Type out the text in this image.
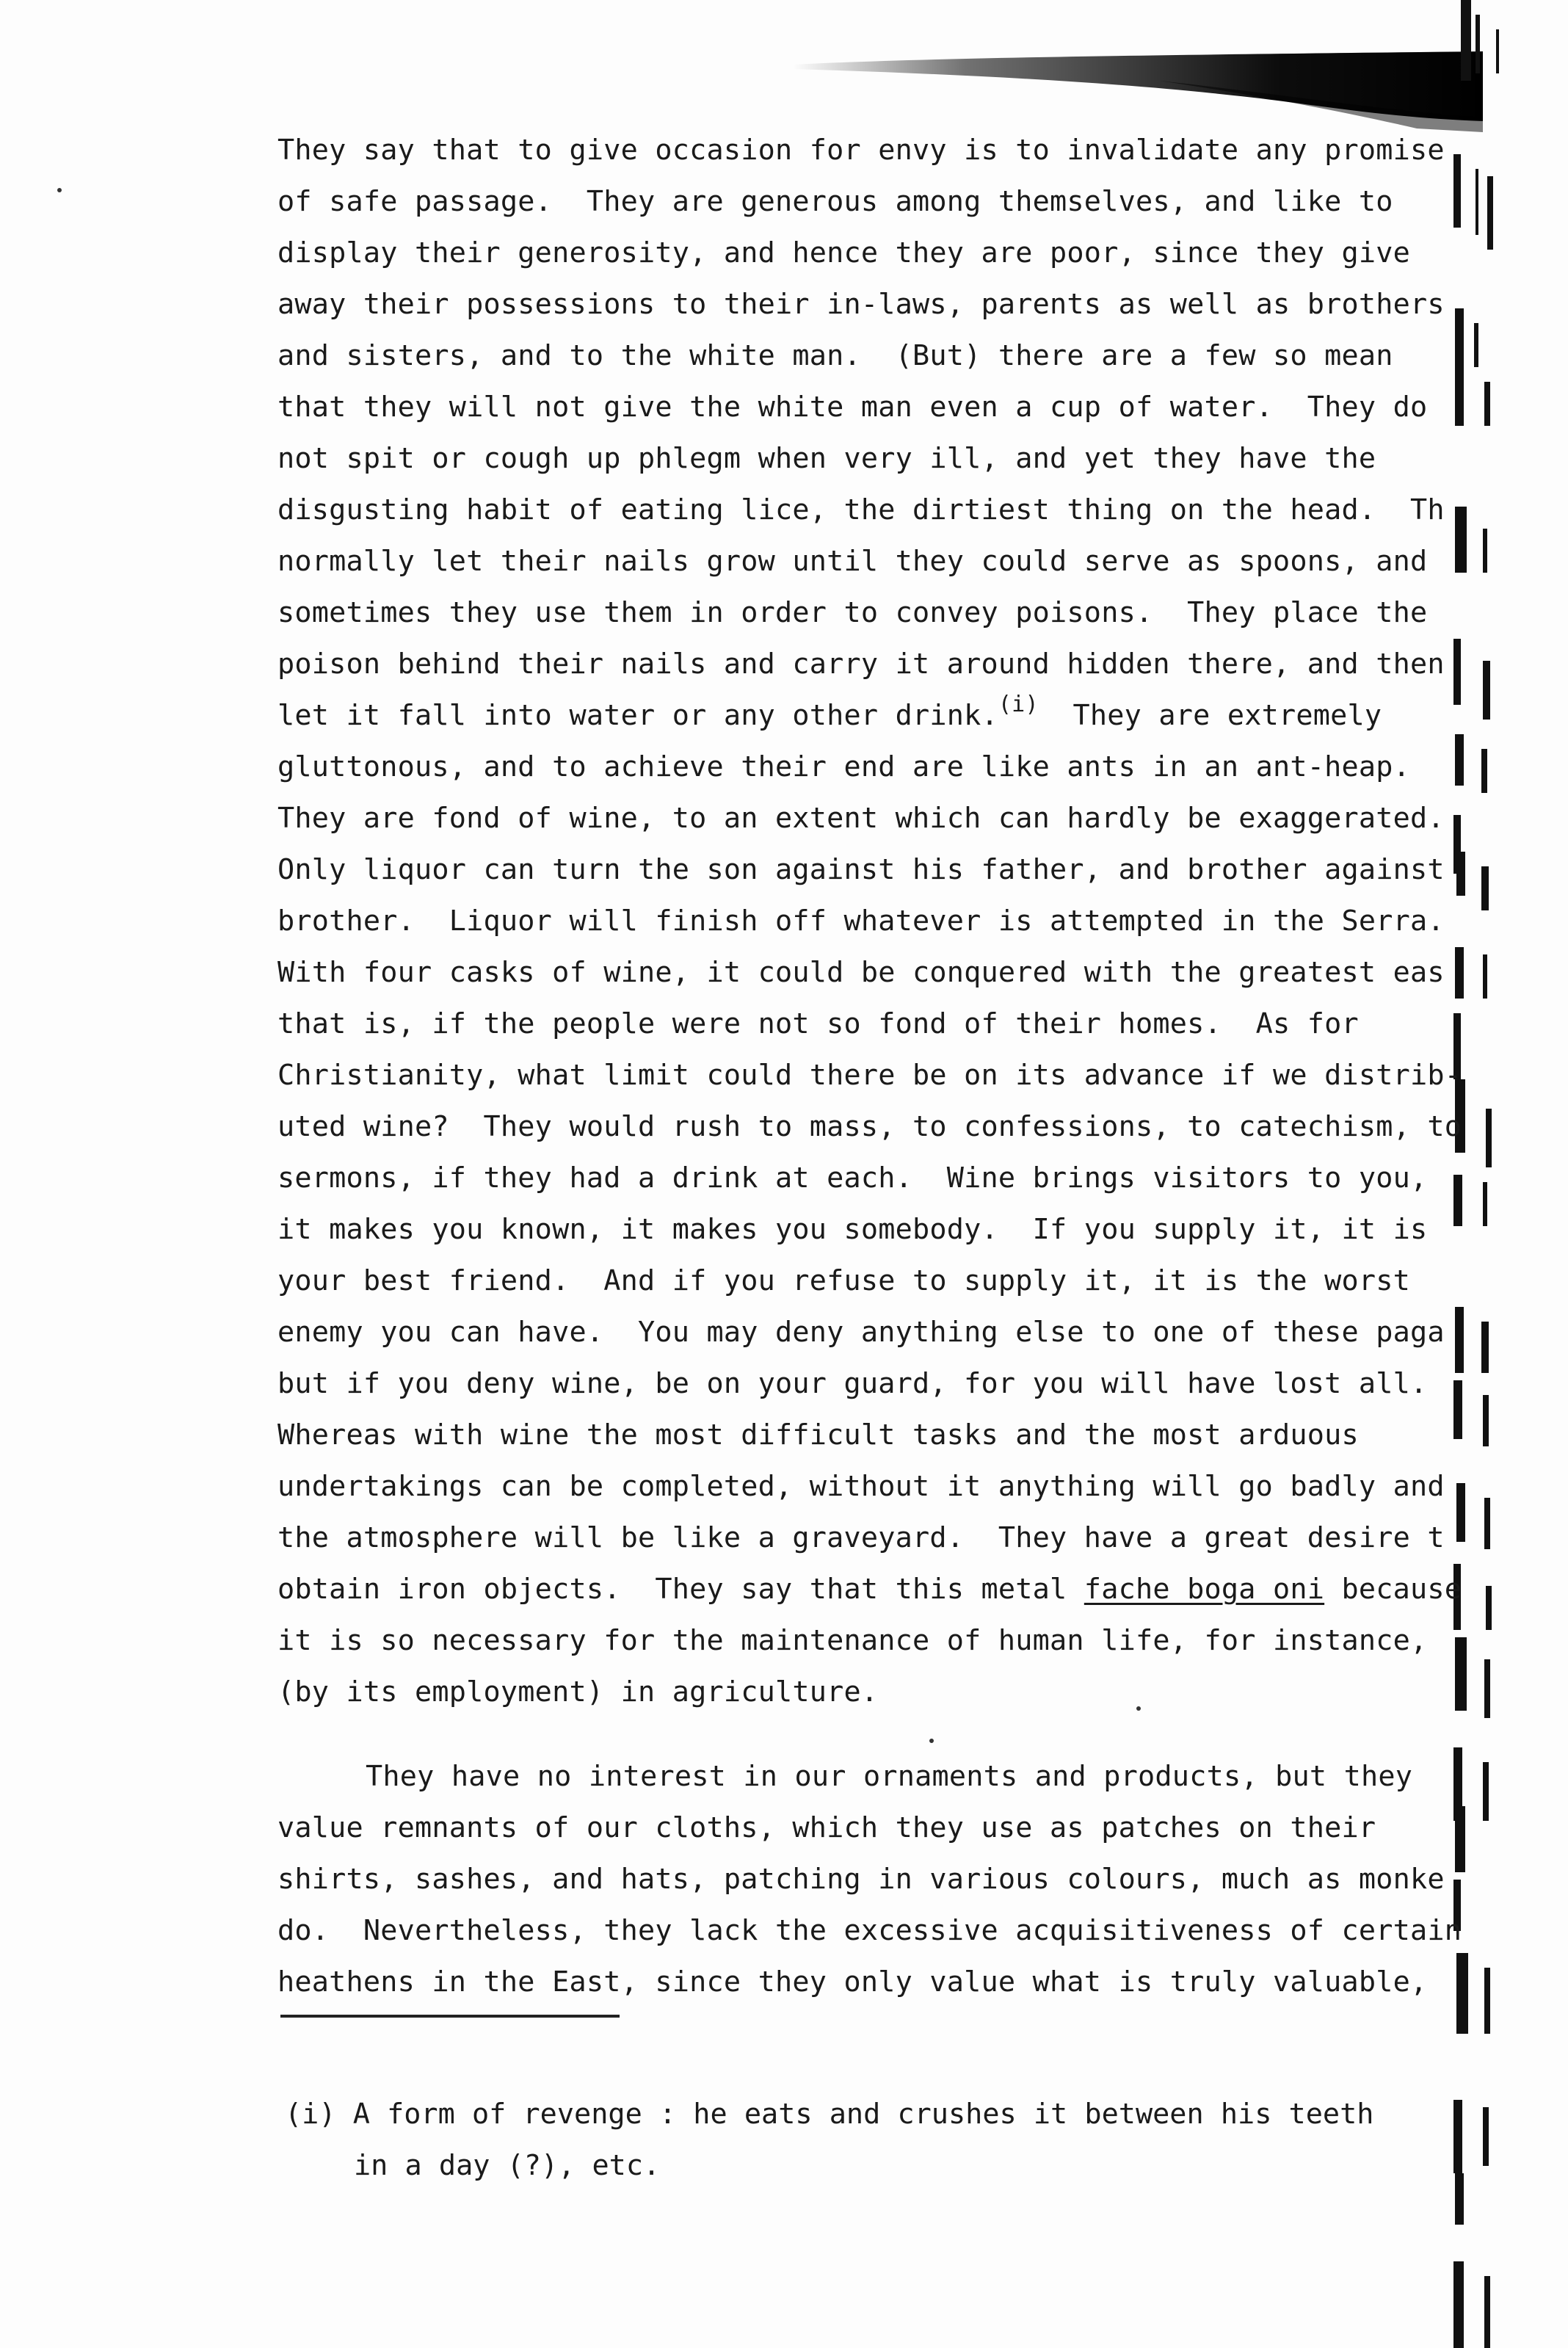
They say that to give occasion for envy is to invalidate any promise
of safe passage.  They are generous among themselves, and like to
display their generosity, and hence they are poor, since they give
away their possessions to their in-laws, parents as well as brothers
and sisters, and to the white man.  (But) there are a few so mean
that they will not give the white man even a cup of water.  They do
not spit or cough up phlegm when very ill, and yet they have the
disgusting habit of eating lice, the dirtiest thing on the head.  Th
normally let their nails grow until they could serve as spoons, and
sometimes they use them in order to convey poisons.  They place the
poison behind their nails and carry it around hidden there, and then
let it fall into water or any other drink.$^{(i)}$  They are extremely
gluttonous, and to achieve their end are like ants in an ant-heap.
They are fond of wine, to an extent which can hardly be exaggerated.
Only liquor can turn the son against his father, and brother against
brother.  Liquor will finish off whatever is attempted in the Serra.
With four casks of wine, it could be conquered with the greatest eas
that is, if the people were not so fond of their homes.  As for
Christianity, what limit could there be on its advance if we distrib-
uted wine?  They would rush to mass, to confessions, to catechism, to
sermons, if they had a drink at each.  Wine brings visitors to you,
it makes you known, it makes you somebody.  If you supply it, it is
your best friend.  And if you refuse to supply it, it is the worst
enemy you can have.  You may deny anything else to one of these paga
but if you deny wine, be on your guard, for you will have lost all.
Whereas with wine the most difficult tasks and the most arduous
undertakings can be completed, without it anything will go badly and
the atmosphere will be like a graveyard.  They have a great desire t
obtain iron objects.  They say that this metal fache boga oni because
it is so necessary for the maintenance of human life, for instance,
(by its employment) in agriculture.
They have no interest in our ornaments and products, but they
value remnants of our cloths, which they use as patches on their
shirts, sashes, and hats, patching in various colours, much as monke
do.  Nevertheless, they lack the excessive acquisitiveness of certain
heathens in the East, since they only value what is truly valuable,
(i) A form of revenge : he eats and crushes it between his teeth
in a day (?), etc.
